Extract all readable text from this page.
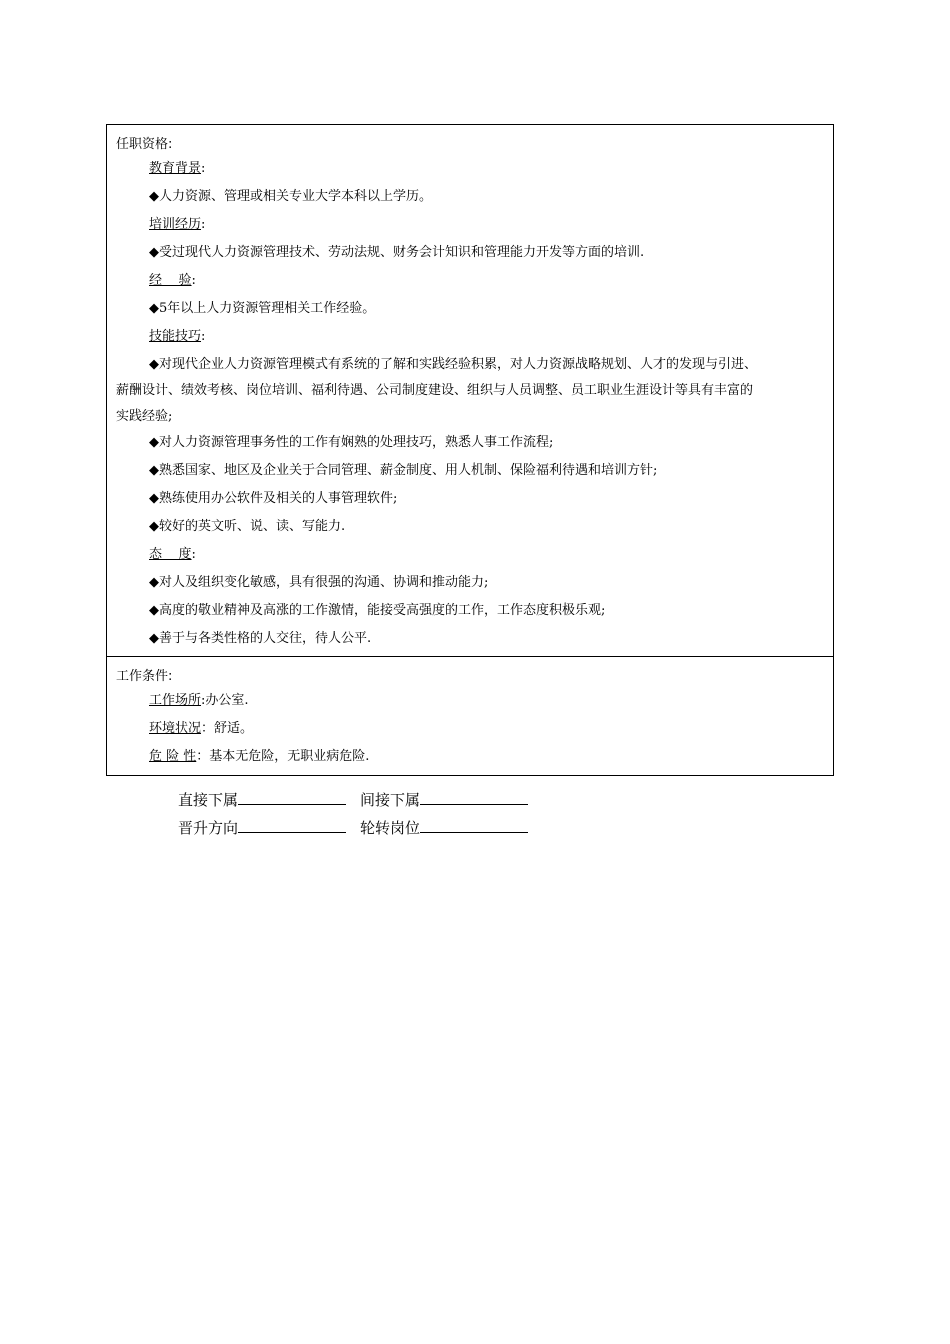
任职资格:
教育背景:
◆人力资源、管理或相关专业大学本科以上学历。
培训经历:
◆受过现代人力资源管理技术、劳动法规、财务会计知识和管理能力开发等方面的培训.
经    验:
◆5年以上人力资源管理相关工作经验。
技能技巧:
◆对现代企业人力资源管理模式有系统的了解和实践经验积累，对人力资源战略规划、人才的发现与引进、
薪酬设计、绩效考核、岗位培训、福利待遇、公司制度建设、组织与人员调整、员工职业生涯设计等具有丰富的
实践经验;
◆对人力资源管理事务性的工作有娴熟的处理技巧，熟悉人事工作流程;
◆熟悉国家、地区及企业关于合同管理、薪金制度、用人机制、保险福利待遇和培训方针;
◆熟练使用办公软件及相关的人事管理软件;
◆较好的英文听、说、读、写能力.
态    度:
◆对人及组织变化敏感，具有很强的沟通、协调和推动能力;
◆高度的敬业精神及高涨的工作激情，能接受高强度的工作，工作态度积极乐观;
◆善于与各类性格的人交往，待人公平.
工作条件:
工作场所:办公室.
环境状况：舒适。
危 险 性：基本无危险，无职业病危险.
直接下属	间接下属
晋升方向	轮转岗位
